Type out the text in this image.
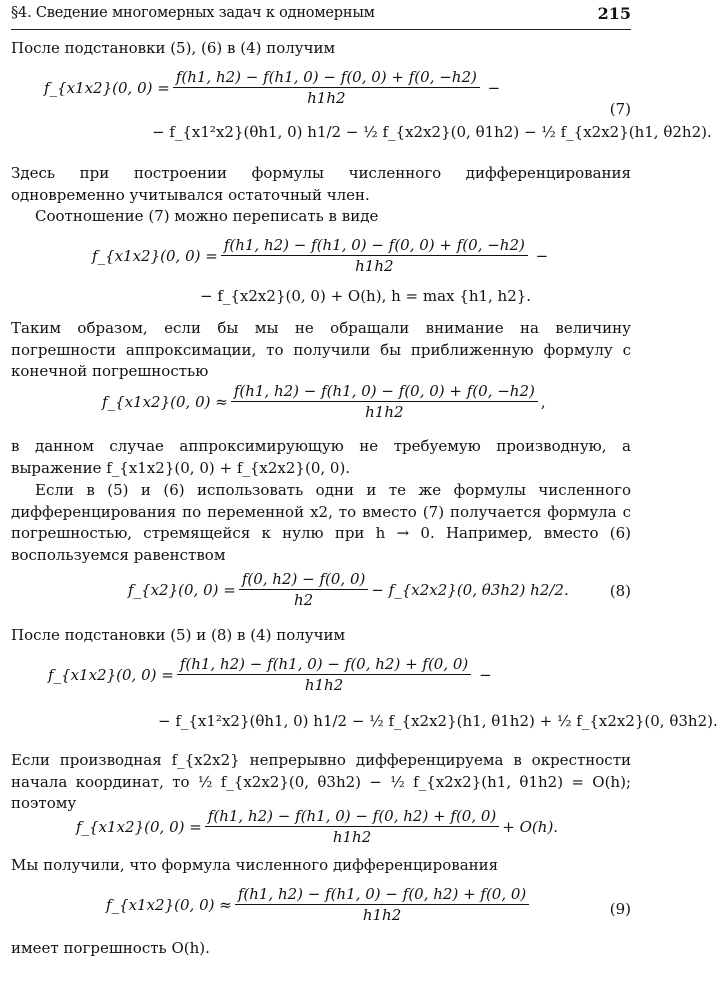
§4. Сведение многомерных задач к одномерным	215
После подстановки (5), (6) в (4) получим
f_{x1x2}(0, $0) = \frac{f(h1, h2) - f(h1, 0) - f(0, 0) + f(0, -h2)}{h1h2}$ −
(7)
− f_{x1²x2}(θh1, 0) h1/2 − ½ f_{x2x2}(0, θ1h2) − ½ f_{x2x2}(h1, θ2h2).
Здесь при построении формулы численного дифференцирования одновременно учитывался остаточный член.
Соотношение (7) можно переписать в виде
f_{x1x2}(0, $0) = \frac{f(h1, h2) - f(h1, 0) - f(0, 0) + f(0, -h2)}{h1h2}$ −
− f_{x2x2}(0, 0) + O(h), h = max {h1, h2}.
Таким образом, если бы мы не обращали внимание на величину погрешности аппроксимации, то получили бы приближенную формулу с конечной погрешностью
f_{x1x2}(0, $0) \approx \frac{f(h1, h2) - f(h1, 0) - f(0, 0) + f(0, -h2)}{h1h2}$ ,
в данном случае аппроксимирующую не требуемую производную, а выражение f_{x1x2}(0, 0) + f_{x2x2}(0, 0).
Если в (5) и (6) использовать одни и те же формулы численного дифференцирования по переменной x2, то вместо (7) получается формула с погрешностью, стремящейся к нулю при h → 0. Например, вместо (6) воспользуемся равенством
f_{x2}(0, $0) = \frac{f(0, h2) - f(0, 0)}{h2}$ − f_{x2x2}(0, θ3h2) h2/2.	(8)
После подстановки (5) и (8) в (4) получим
f_{x1x2}(0, $0) = \frac{f(h1, h2) - f(h1, 0) - f(0, h2) + f(0, 0)}{h1h2}$ −
− f_{x1²x2}(θh1, 0) h1/2 − ½ f_{x2x2}(h1, θ1h2) + ½ f_{x2x2}(0, θ3h2).
Если производная f_{x2x2} непрерывно дифференцируема в окрестности начала координат, то ½ f_{x2x2}(0, θ3h2) − ½ f_{x2x2}(h1, θ1h2) = O(h); поэтому
f_{x1x2}(0, $0) = \frac{f(h1, h2) - f(h1, 0) - f(0, h2) + f(0, 0)}{h1h2} + O(h)$.
Мы получили, что формула численного дифференцирования
f_{x1x2}(0, $0) \approx \frac{f(h1, h2) - f(h1, 0) - f(0, h2) + f(0, 0)}{h1h2}$	(9)
имеет погрешность O(h).
